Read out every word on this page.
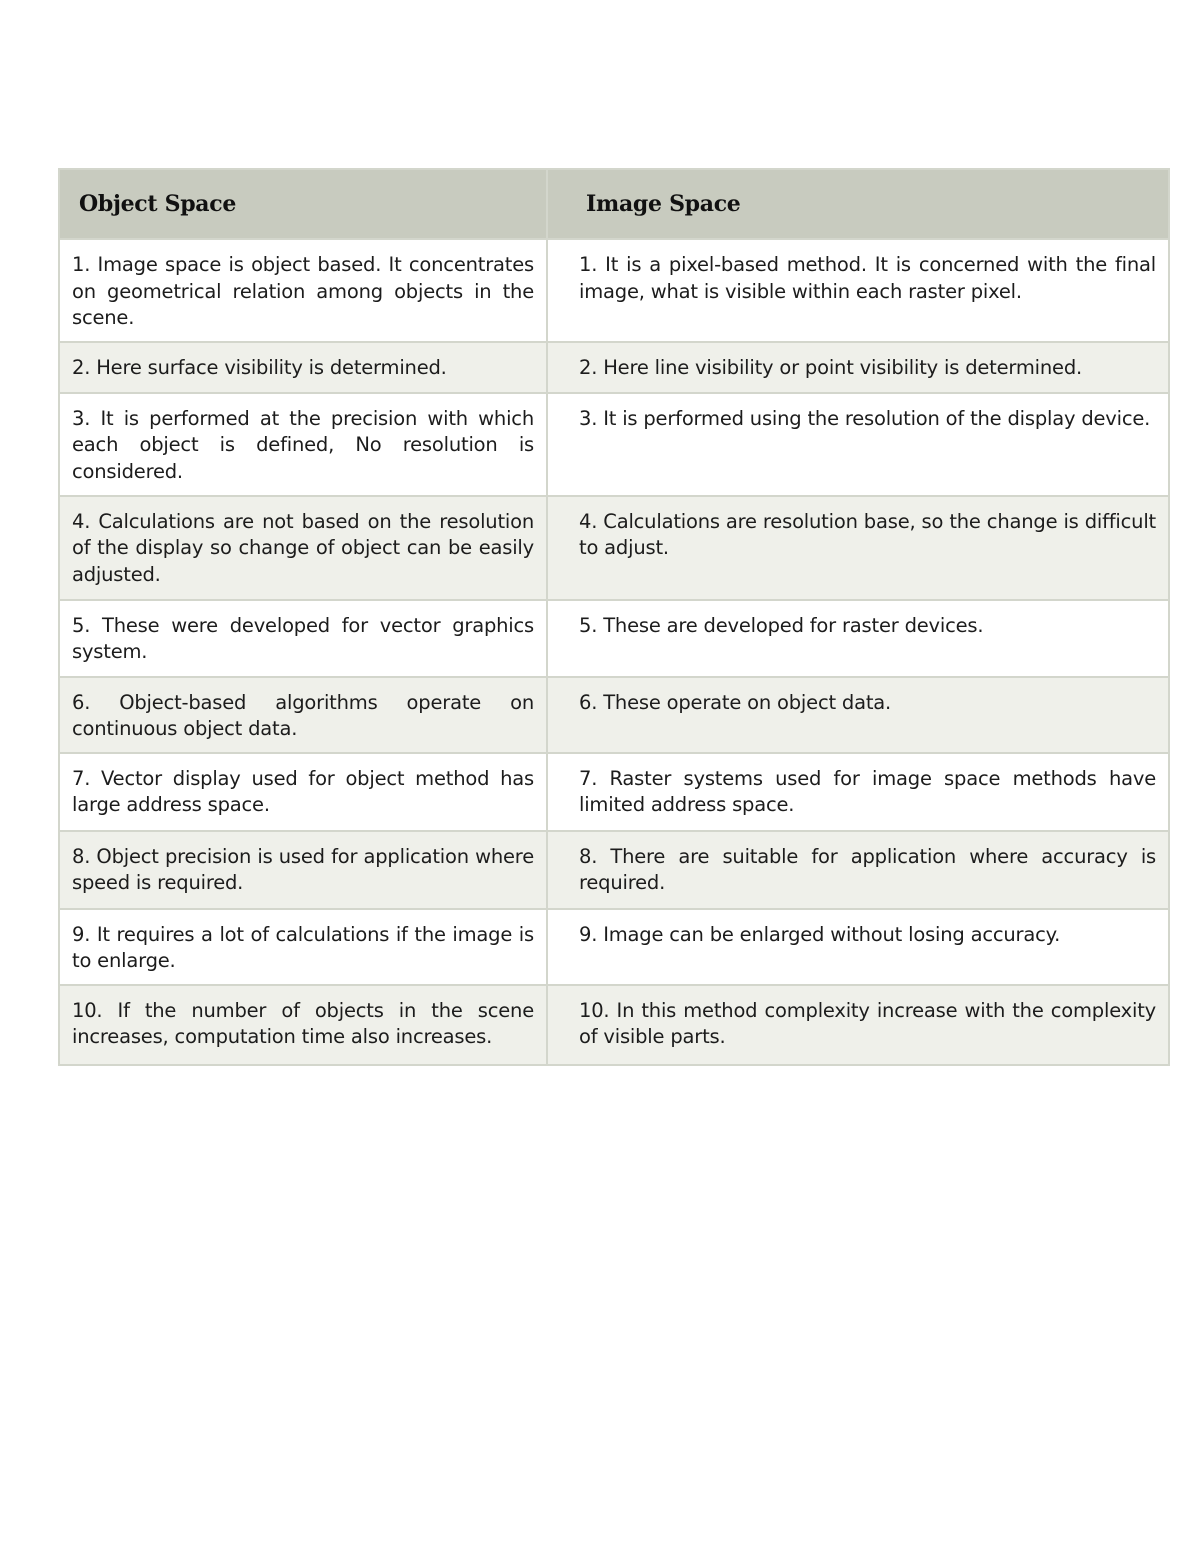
Object Space	Image Space
1. Image space is object based. It concentrates on geometrical relation among objects in the scene.	1. It is a pixel-based method. It is concerned with the final image, what is visible within each raster pixel.
2. Here surface visibility is determined.	2. Here line visibility or point visibility is determined.
3. It is performed at the precision with which each object is defined, No resolution is considered.	3. It is performed using the resolution of the display device.
4. Calculations are not based on the resolution of the display so change of object can be easily adjusted.	4. Calculations are resolution base, so the change is difficult to adjust.
5. These were developed for vector graphics system.	5. These are developed for raster devices.
6. Object-based algorithms operate on continuous object data.	6. These operate on object data.
7. Vector display used for object method has large address space.	7. Raster systems used for image space methods have limited address space.
8. Object precision is used for application where speed is required.	8. There are suitable for application where accuracy is required.
9. It requires a lot of calculations if the image is to enlarge.	9. Image can be enlarged without losing accuracy.
10. If the number of objects in the scene increases, computation time also increases.	10. In this method complexity increase with the complexity of visible parts.
